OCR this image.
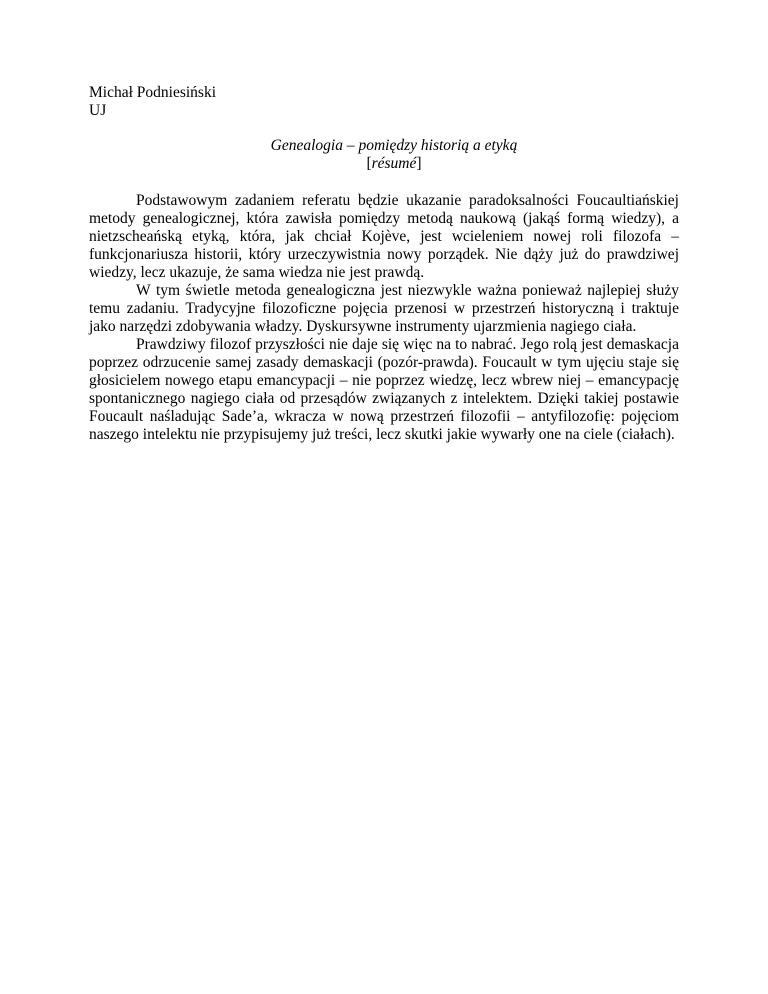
Michał Podniesiński
UJ
Genealogia – pomiędzy historią a etyką
[résumé]

Podstawowym zadaniem referatu będzie ukazanie paradoksalności Foucaultiańskiej metody genealogicznej, która zawisła pomiędzy metodą naukową (jakąś formą wiedzy), a nietzscheańską etyką, która, jak chciał Kojève, jest wcieleniem nowej roli filozofa – funkcjonariusza historii, który urzeczywistnia nowy porządek. Nie dąży już do prawdziwej wiedzy, lecz ukazuje, że sama wiedza nie jest prawdą.

W tym świetle metoda genealogiczna jest niezwykle ważna ponieważ najlepiej służy temu zadaniu. Tradycyjne filozoficzne pojęcia przenosi w przestrzeń historyczną i traktuje jako narzędzi zdobywania władzy. Dyskursywne instrumenty ujarzmienia nagiego ciała.

Prawdziwy filozof przyszłości nie daje się więc na to nabrać. Jego rolą jest demaskacja poprzez odrzucenie samej zasady demaskacji (pozór-prawda). Foucault w tym ujęciu staje się głosicielem nowego etapu emancypacji – nie poprzez wiedzę, lecz wbrew niej – emancypację spontanicznego nagiego ciała od przesądów związanych z intelektem. Dzięki takiej postawie Foucault naśladując Sade’a, wkracza w nową przestrzeń filozofii – antyfilozofię: pojęciom naszego intelektu nie przypisujemy już treści, lecz skutki jakie wywarły one na ciele (ciałach).
